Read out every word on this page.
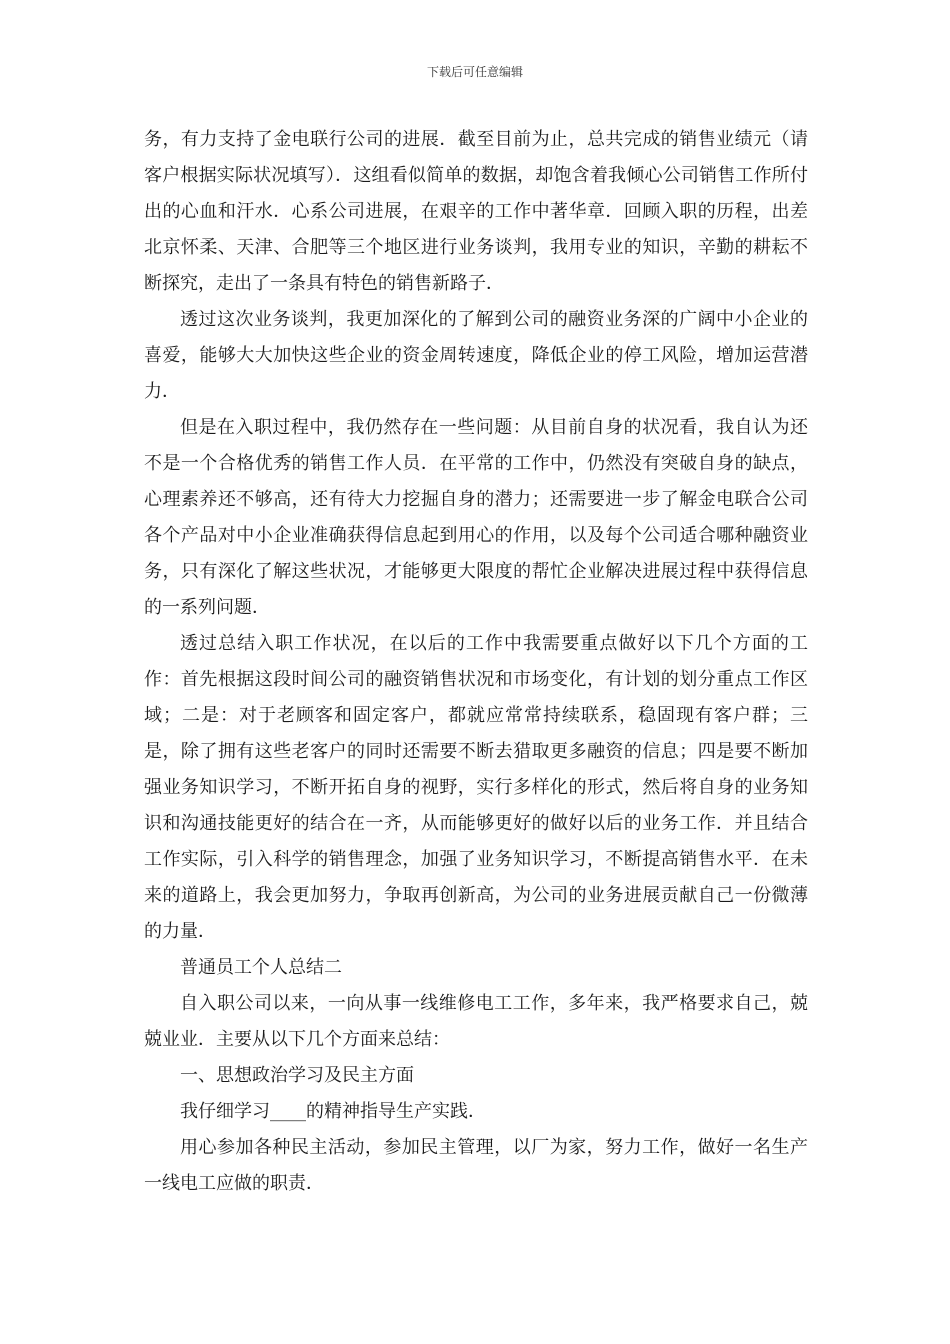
下载后可任意编辑

务，有力支持了金电联行公司的进展．截至目前为止，总共完成的销售业绩元（请客户根据实际状况填写）．这组看似简单的数据，却饱含着我倾心公司销售工作所付出的心血和汗水．心系公司进展，在艰辛的工作中著华章．回顾入职的历程，出差北京怀柔、天津、合肥等三个地区进行业务谈判，我用专业的知识，辛勤的耕耘不断探究，走出了一条具有特色的销售新路子．

透过这次业务谈判，我更加深化的了解到公司的融资业务深的广阔中小企业的喜爱，能够大大加快这些企业的资金周转速度，降低企业的停工风险，增加运营潜力．

但是在入职过程中，我仍然存在一些问题：从目前自身的状况看，我自认为还不是一个合格优秀的销售工作人员．在平常的工作中，仍然没有突破自身的缺点，心理素养还不够高，还有待大力挖掘自身的潜力；还需要进一步了解金电联合公司各个产品对中小企业准确获得信息起到用心的作用，以及每个公司适合哪种融资业务，只有深化了解这些状况，才能够更大限度的帮忙企业解决进展过程中获得信息的一系列问题．

透过总结入职工作状况，在以后的工作中我需要重点做好以下几个方面的工作：首先根据这段时间公司的融资销售状况和市场变化，有计划的划分重点工作区域；二是：对于老顾客和固定客户，都就应常常持续联系，稳固现有客户群；三是，除了拥有这些老客户的同时还需要不断去猎取更多融资的信息；四是要不断加强业务知识学习，不断开拓自身的视野，实行多样化的形式，然后将自身的业务知识和沟通技能更好的结合在一齐，从而能够更好的做好以后的业务工作．并且结合工作实际，引入科学的销售理念，加强了业务知识学习，不断提高销售水平．在未来的道路上，我会更加努力，争取再创新高，为公司的业务进展贡献自己一份微薄的力量．

普通员工个人总结二

自入职公司以来，一向从事一线维修电工工作，多年来，我严格要求自己，兢兢业业．主要从以下几个方面来总结：

一、思想政治学习及民主方面

我仔细学习____的精神指导生产实践．

用心参加各种民主活动，参加民主管理，以厂为家，努力工作，做好一名生产一线电工应做的职责．
